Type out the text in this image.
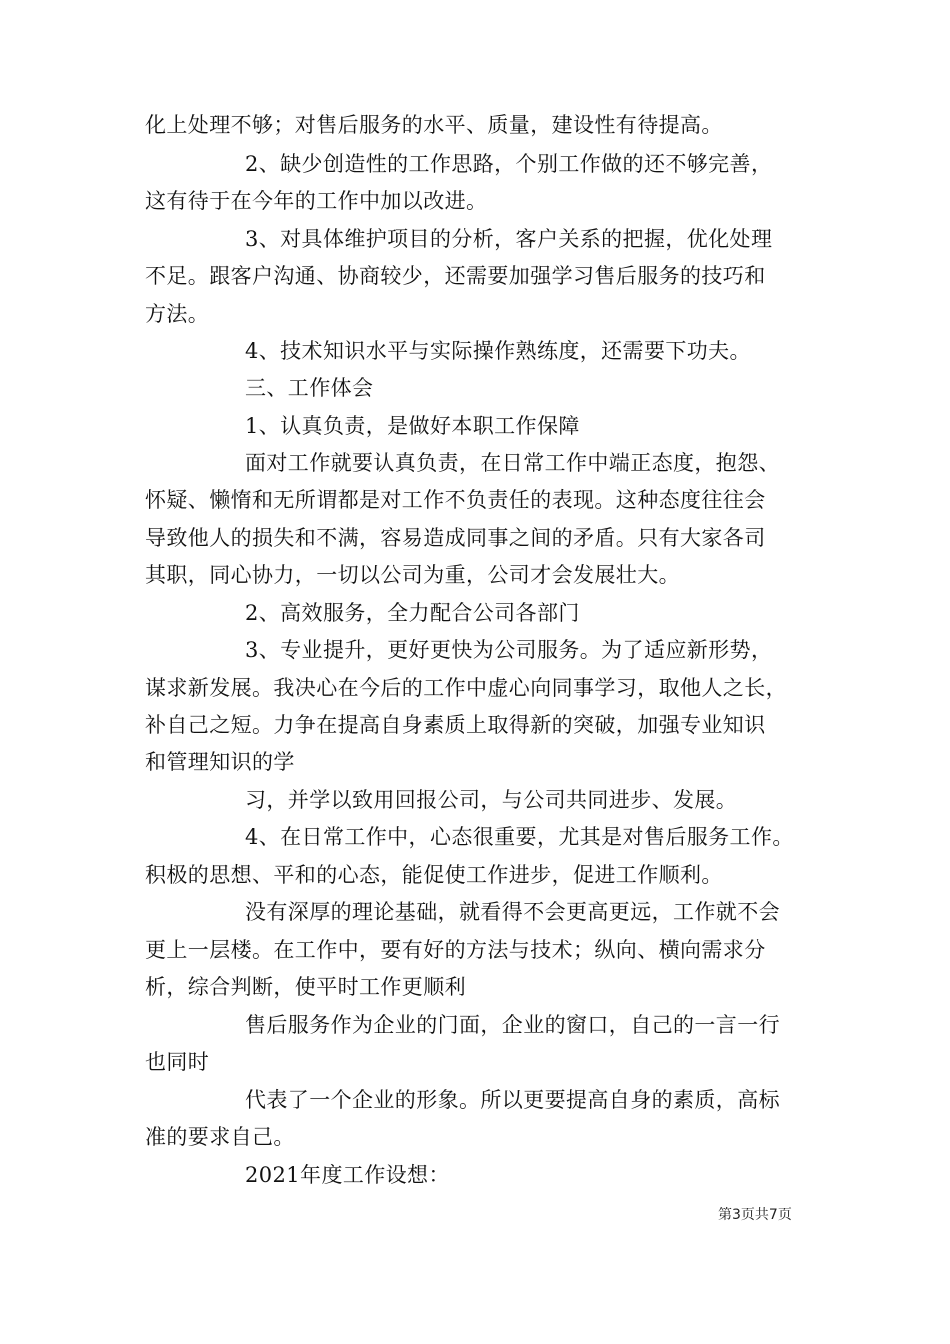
化上处理不够；对售后服务的水平、质量，建设性有待提高。
2、缺少创造性的工作思路，个别工作做的还不够完善，
这有待于在今年的工作中加以改进。
3、对具体维护项目的分析，客户关系的把握，优化处理
不足。跟客户沟通、协商较少，还需要加强学习售后服务的技巧和
方法。
4、技术知识水平与实际操作熟练度，还需要下功夫。
三、工作体会
1、认真负责，是做好本职工作保障
面对工作就要认真负责，在日常工作中端正态度，抱怨、
怀疑、懒惰和无所谓都是对工作不负责任的表现。这种态度往往会
导致他人的损失和不满，容易造成同事之间的矛盾。只有大家各司
其职，同心协力，一切以公司为重，公司才会发展壮大。
2、高效服务，全力配合公司各部门
3、专业提升，更好更快为公司服务。为了适应新形势，
谋求新发展。我决心在今后的工作中虚心向同事学习，取他人之长，
补自己之短。力争在提高自身素质上取得新的突破，加强专业知识
和管理知识的学
习，并学以致用回报公司，与公司共同进步、发展。
4、在日常工作中，心态很重要，尤其是对售后服务工作。
积极的思想、平和的心态，能促使工作进步，促进工作顺利。
没有深厚的理论基础，就看得不会更高更远，工作就不会
更上一层楼。在工作中，要有好的方法与技术；纵向、横向需求分
析，综合判断，使平时工作更顺利
售后服务作为企业的门面，企业的窗口，自己的一言一行
也同时
代表了一个企业的形象。所以更要提高自身的素质，高标
准的要求自己。
2021年度工作设想：
第3页共7页
